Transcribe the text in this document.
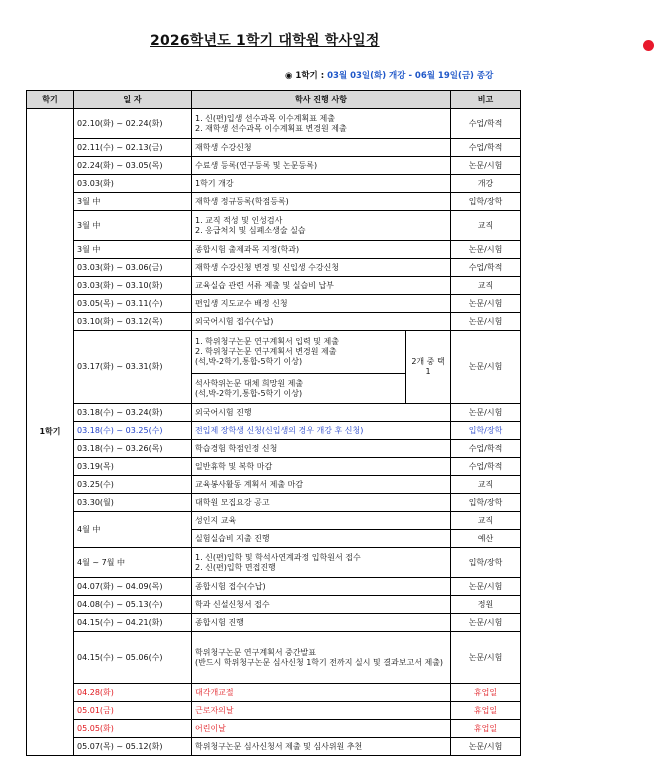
2026학년도 1학기 대학원 학사일정
◉ 1학기 : 03월 03일(화) 개강 - 06월 19일(금) 종강
학기	일 자	학사 진행 사항		비고
1학기	02.10(화) ~ 02.24(화)	1. 신(편)입생 선수과목 이수계획표 제출
2. 재학생 선수과목 이수계획표 변경원 제출		수업/학적
	02.11(수) ~ 02.13(금)	재학생 수강신청		수업/학적
	02.24(화) ~ 03.05(목)	수료생 등록(연구등록 및 논문등록)		논문/시험
	03.03(화)	1학기 개강		개강
	3월 中	재학생 정규등록(학점등록)		입학/장학
	3월 中	1. 교직 적성 및 인성검사
2. 응급처치 및 심폐소생술 실습		교직
	3월 中	종합시험 출제과목 지정(학과)		논문/시험
	03.03(화) ~ 03.06(금)	재학생 수강신청 변경 및 신입생 수강신청		수업/학적
	03.03(화) ~ 03.10(화)	교육실습 관련 서류 제출 및 실습비 납부		교직
	03.05(목) ~ 03.11(수)	편입생 지도교수 배정 신청		논문/시험
	03.10(화) ~ 03.12(목)	외국어시험 접수(수납)		논문/시험
	03.17(화) ~ 03.31(화)	1. 학위청구논문 연구계획서 입력 및 제출
2. 학위청구논문 연구계획서 변경원 제출
(석,박-2학기,통합-5학기 이상)	2개 중 택 1	논문/시험

		석사학위논문 대체 희망원 제출
(석,박-2학기,통합-5학기 이상)		

	03.18(수) ~ 03.24(화)	외국어시험 진행		논문/시험
	03.18(수) ~ 03.25(수)	전입제 장학생 신청(신입생의 경우 개강 후 신청)		입학/장학
	03.18(수) ~ 03.26(목)	학습경험 학점인정 신청		수업/학적
	03.19(목)	일반휴학 및 복학 마감		수업/학적
	03.25(수)	교육봉사활동 계획서 제출 마감		교직
	03.30(월)	대학원 모집요강 공고		입학/장학
	4월 中	성인지 교육		교직
		실험실습비 지출 진행		예산
	4월 ~ 7월 中	1. 신(편)입학 및 학석사연계과정 입학원서 접수
2. 신(편)입학 면접진행		입학/장학
	04.07(화) ~ 04.09(목)	종합시험 접수(수납)		논문/시험
	04.08(수) ~ 05.13(수)	학과 신설신청서 접수		정원
	04.15(수) ~ 04.21(화)	종합시험 진행		논문/시험
	04.15(수) ~ 05.06(수)	학위청구논문 연구계획서 중간발표
(반드시 학위청구논문 심사신청 1학기 전까지 실시 및 결과보고서 제출)		논문/시험
	04.28(화)	대각개교절		휴업일
	05.01(금)	근로자의날		휴업일
	05.05(화)	어린이날		휴업일
	05.07(목) ~ 05.12(화)	학위청구논문 심사신청서 제출 및 심사위원 추천		논문/시험
